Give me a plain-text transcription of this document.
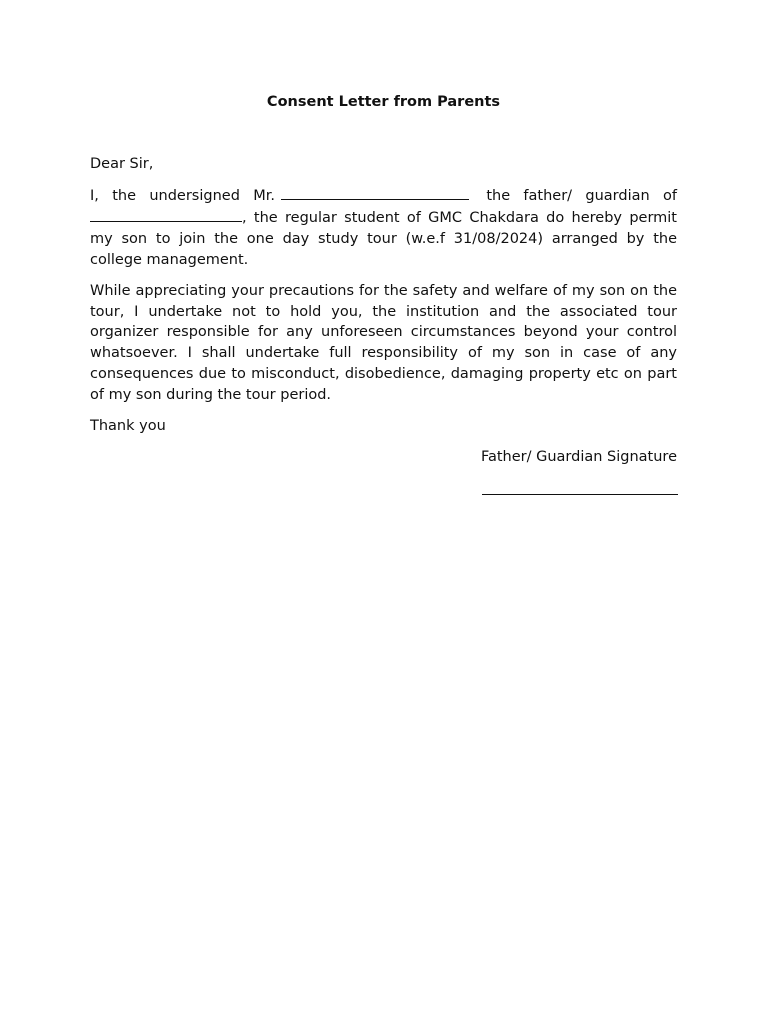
Consent Letter from Parents

Dear Sir,

I, the undersigned Mr.	the father/ guardian of , the regular student of GMC Chakdara do hereby permit my son to join the one day study tour (w.e.f 31/08/2024) arranged by the college management.

While appreciating your precautions for the safety and welfare of my son on the tour, I undertake not to hold you, the institution and the associated tour organizer responsible for any unforeseen circumstances beyond your control whatsoever. I shall undertake full responsibility of my son in case of any consequences due to misconduct, disobedience, damaging property etc on part of my son during the tour period.

Thank you

Father/ Guardian Signature
